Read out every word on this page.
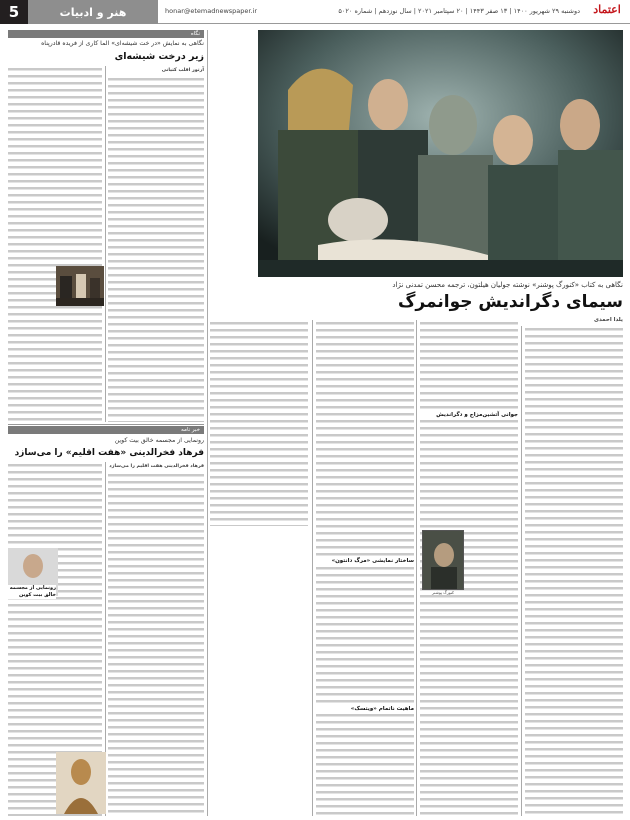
5	هنر و ادبیات	honar@etemadnewspaper.ir	دوشنبه ۲۹ شهریور ۱۴۰۰ | ۱۳ صفر ۱۴۴۳ | ۲۰ سپتامبر ۲۰۲۱ | سال نوزدهم | شماره ۵۰۲۰	اعتماد
نگاهی به کتاب «کنورگ پوشنر» نوشته جولیان هیلتون، ترجمه محسن تمدنی نژاد
سیمای دگراندیش جوانمرگ
یلدا احمدی
جوانی آتشین‌مزاج و دگراندیش
ساختار نمایشی «مرگ دانتون»
ماهیت ناتمام «ویتسک»
کنورگ پوشنر
نگاه
نگاهی به نمایش «در خت شیشه‌ای» الما کاری از فریده قادرپناه
زیر درخت شیشه‌ای
آرتور اقلب کتیانی
خبر نامه
رونمایی از مجسمه خالق بیت کوین
فرهاد فخرالدینی «هفت اقلیم» را می‌سازد
فرهاد فخرالدینی هفت اقلیم را می‌سازد
رونمایی از مجسمه خالق بیت کوین
